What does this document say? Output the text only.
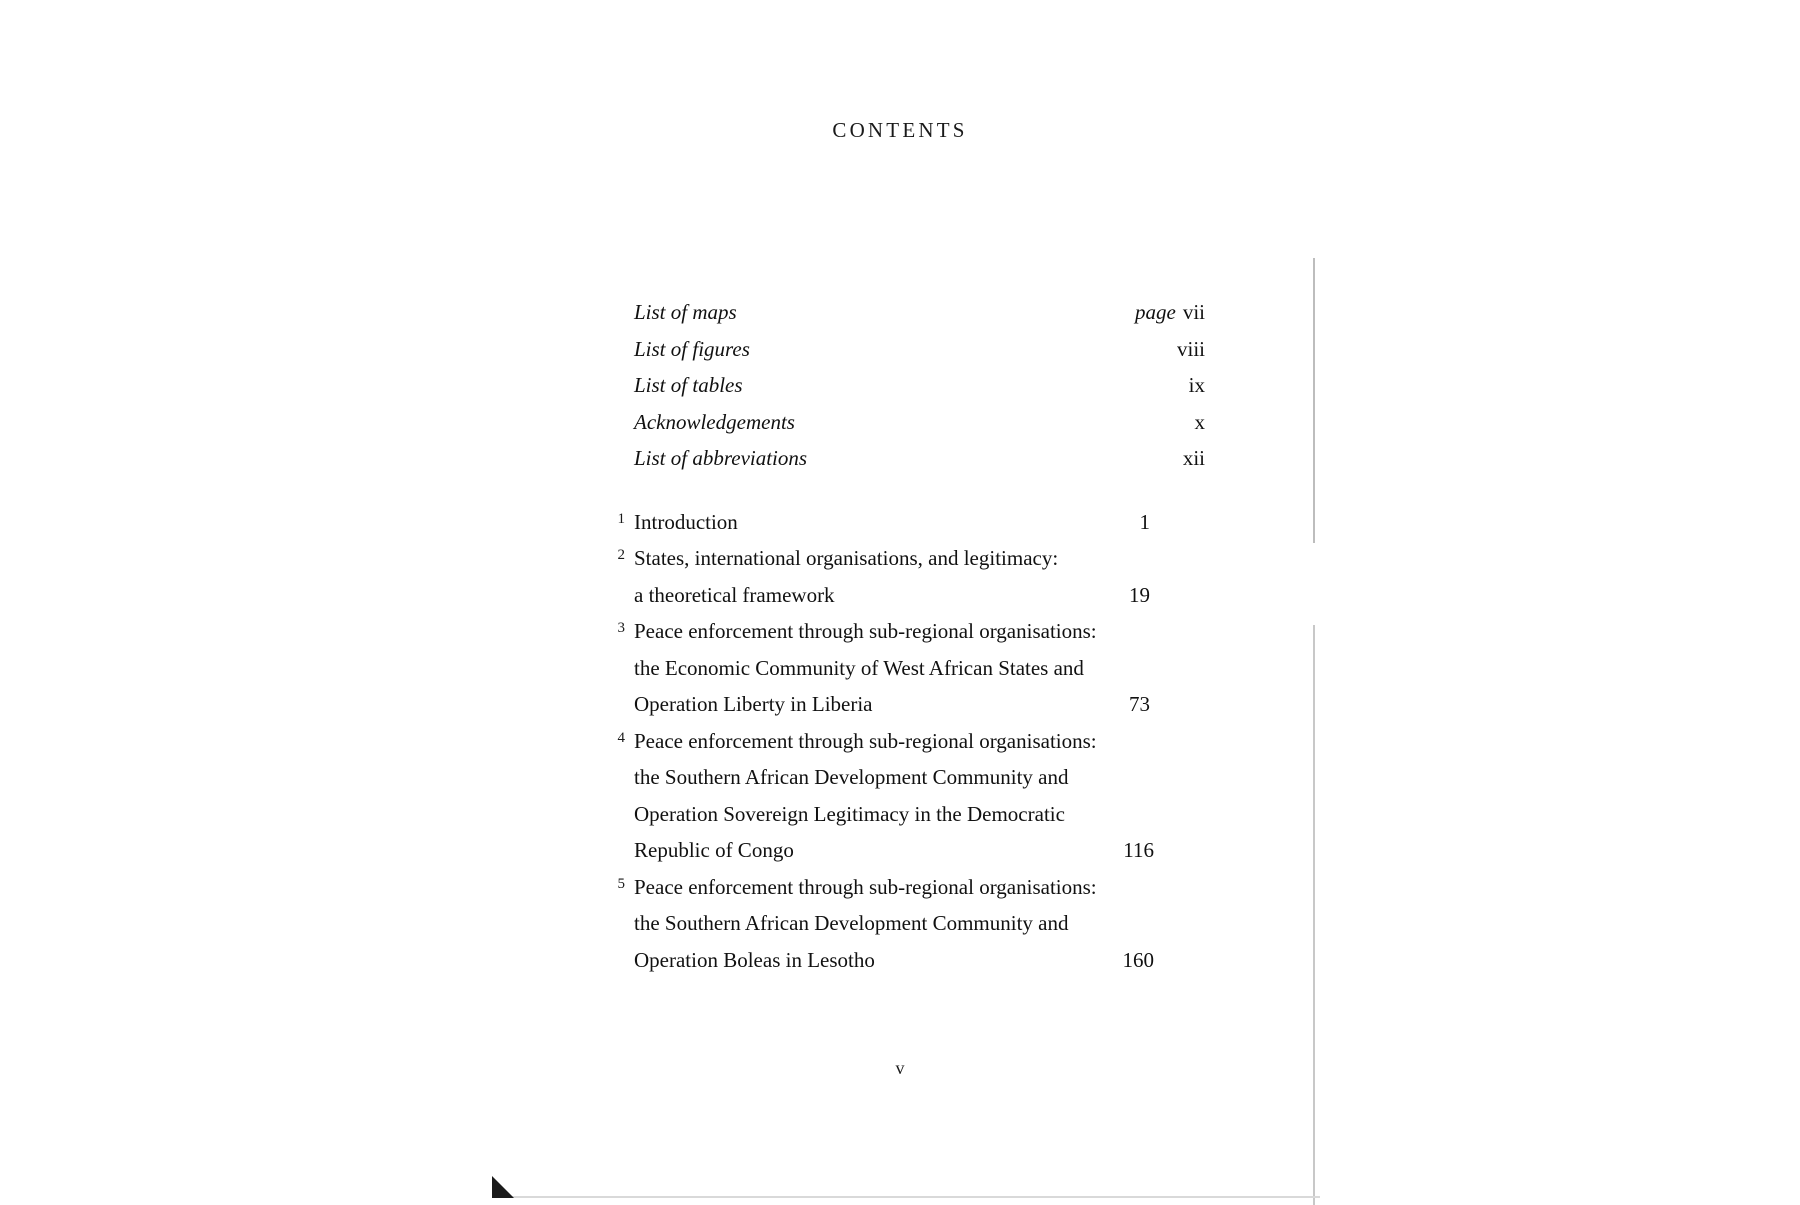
CONTENTS
List of maps	page vii
List of figures	viii
List of tables	ix
Acknowledgements	x
List of abbreviations	xii
1 Introduction	1
2 States, international organisations, and legitimacy:
a theoretical framework	19
3 Peace enforcement through sub-regional organisations:
the Economic Community of West African States and
Operation Liberty in Liberia	73
4 Peace enforcement through sub-regional organisations:
the Southern African Development Community and
Operation Sovereign Legitimacy in the Democratic
Republic of Congo	116
5 Peace enforcement through sub-regional organisations:
the Southern African Development Community and
Operation Boleas in Lesotho	160
v
